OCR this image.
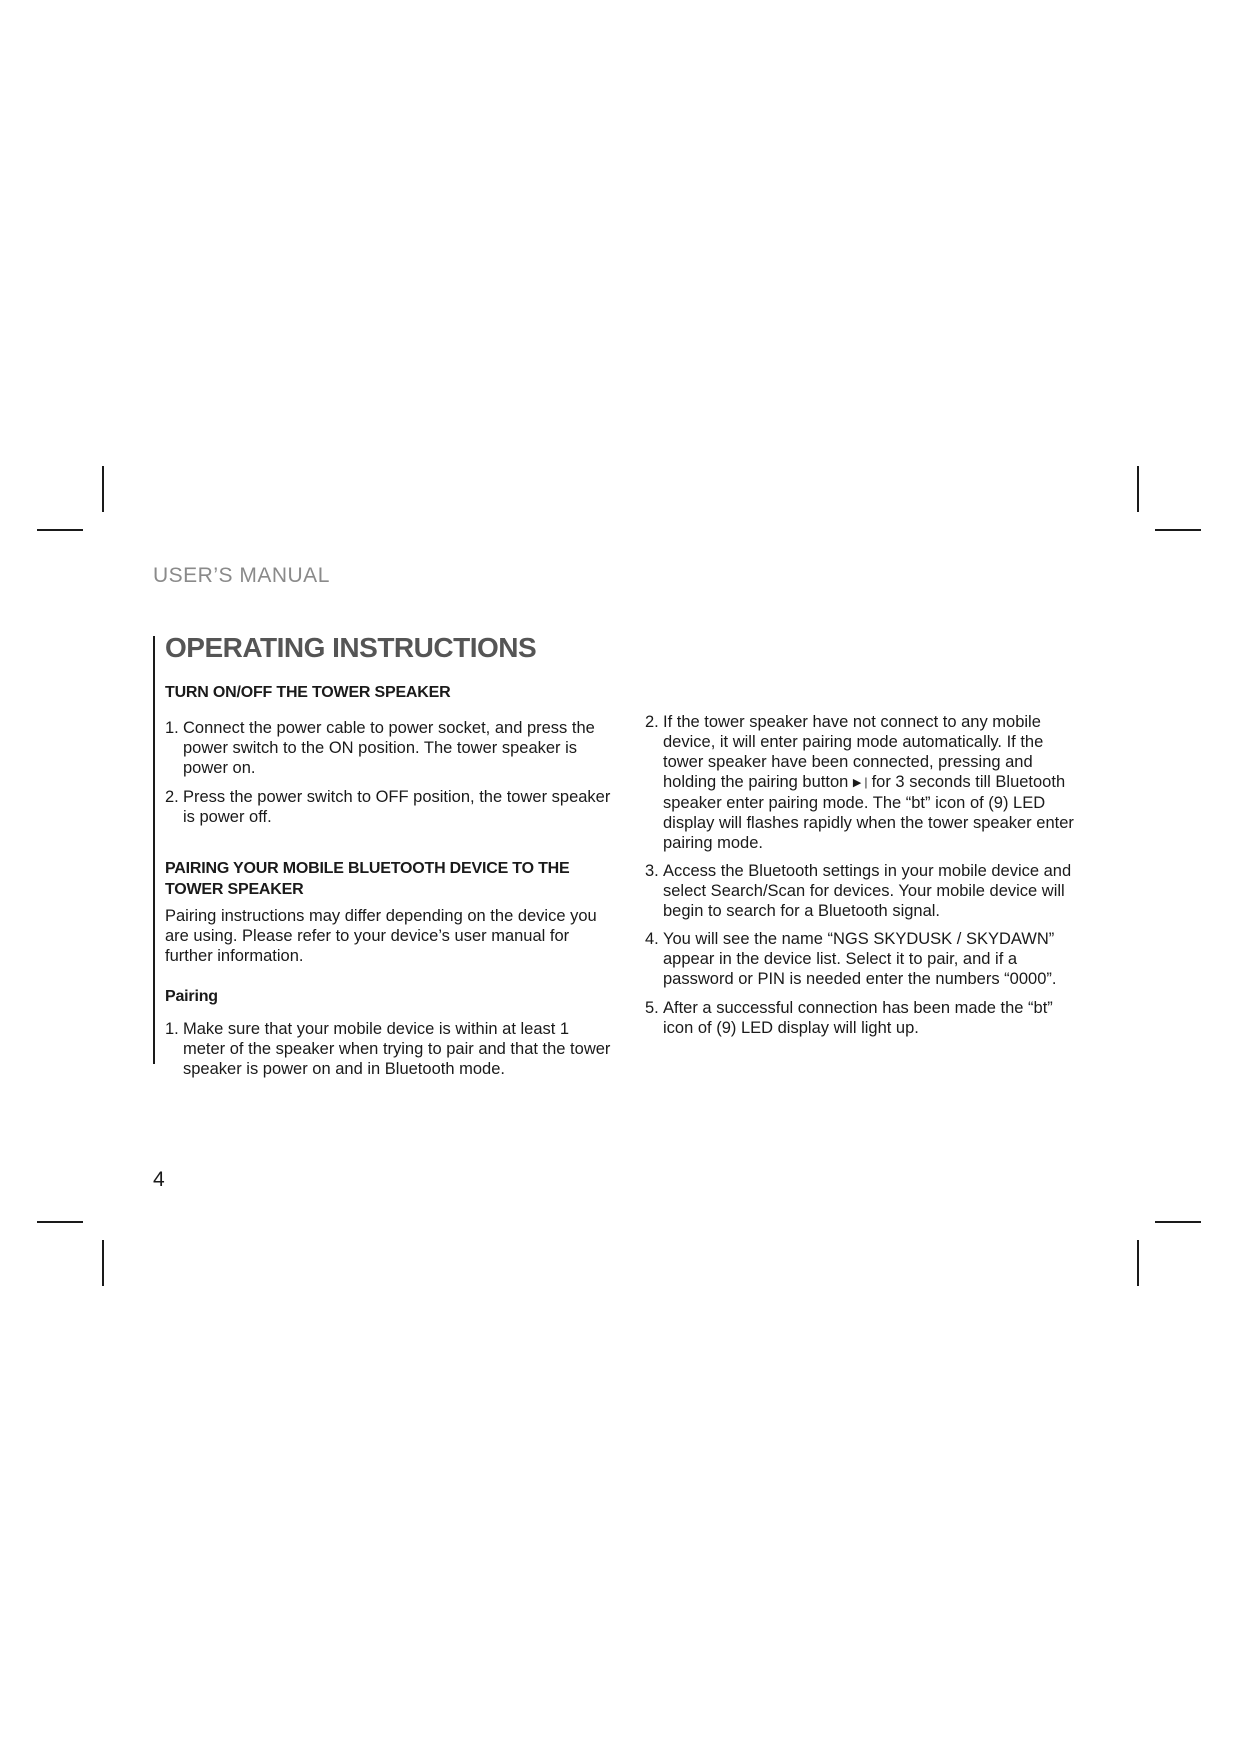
USER’S MANUAL
OPERATING INSTRUCTIONS

TURN ON/OFF THE TOWER SPEAKER

1. Connect the power cable to power socket, and press the power switch to the ON position. The tower speaker is power on.

2. Press the power switch to OFF position, the tower speaker is power off.

PAIRING YOUR MOBILE BLUETOOTH DEVICE TO THE TOWER SPEAKER

Pairing instructions may differ depending on the device you are using. Please refer to your device’s user manual for further information.

Pairing

1. Make sure that your mobile device is within at least 1 meter of the speaker when trying to pair and that the tower speaker is power on and in Bluetooth mode.

2. If the tower speaker have not connect to any mobile device, it will enter pairing mode automatically. If the tower speaker have been connected, pressing and holding the pairing button ▶❘for 3 seconds till Bluetooth speaker enter pairing mode. The “bt” icon of (9) LED display will flashes rapidly when the tower speaker enter pairing mode.

3. Access the Bluetooth settings in your mobile device and select Search/Scan for devices. Your mobile device will begin to search for a Bluetooth signal.

4. You will see the name “NGS SKYDUSK / SKYDAWN” appear in the device list. Select it to pair, and if a password or PIN is needed enter the numbers “0000”.

5. After a successful connection has been made the “bt” icon of (9) LED display will light up.

4
